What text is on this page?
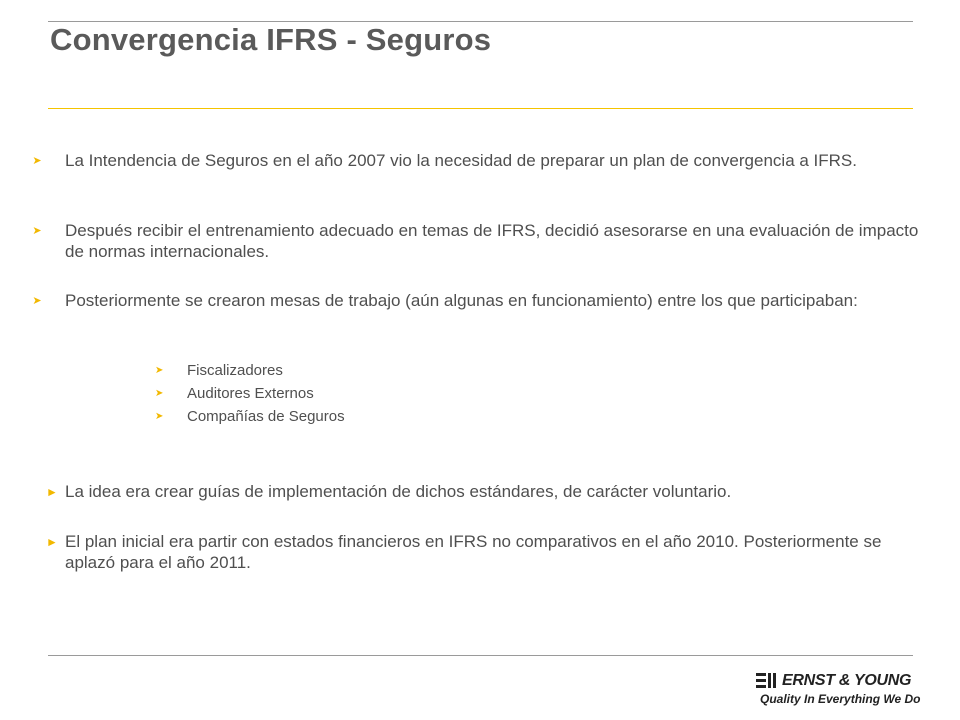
Convergencia IFRS - Seguros
➤	La Intendencia de Seguros en el año 2007 vio la necesidad de preparar un plan de convergencia a IFRS.
➤	Después recibir el entrenamiento adecuado en temas de IFRS, decidió asesorarse en una evaluación de impacto de normas internacionales.
➤	Posteriormente se crearon mesas de trabajo (aún algunas en funcionamiento) entre los que participaban:
➤ Fiscalizadores
➤ Auditores Externos
➤ Compañías de Seguros
► La idea era crear guías de implementación de dichos estándares, de carácter voluntario.
► El plan inicial era partir con estados financieros en IFRS no comparativos en el año 2010. Posteriormente se aplazó para el año 2011.
ERNST & YOUNG
Quality In Everything We Do
